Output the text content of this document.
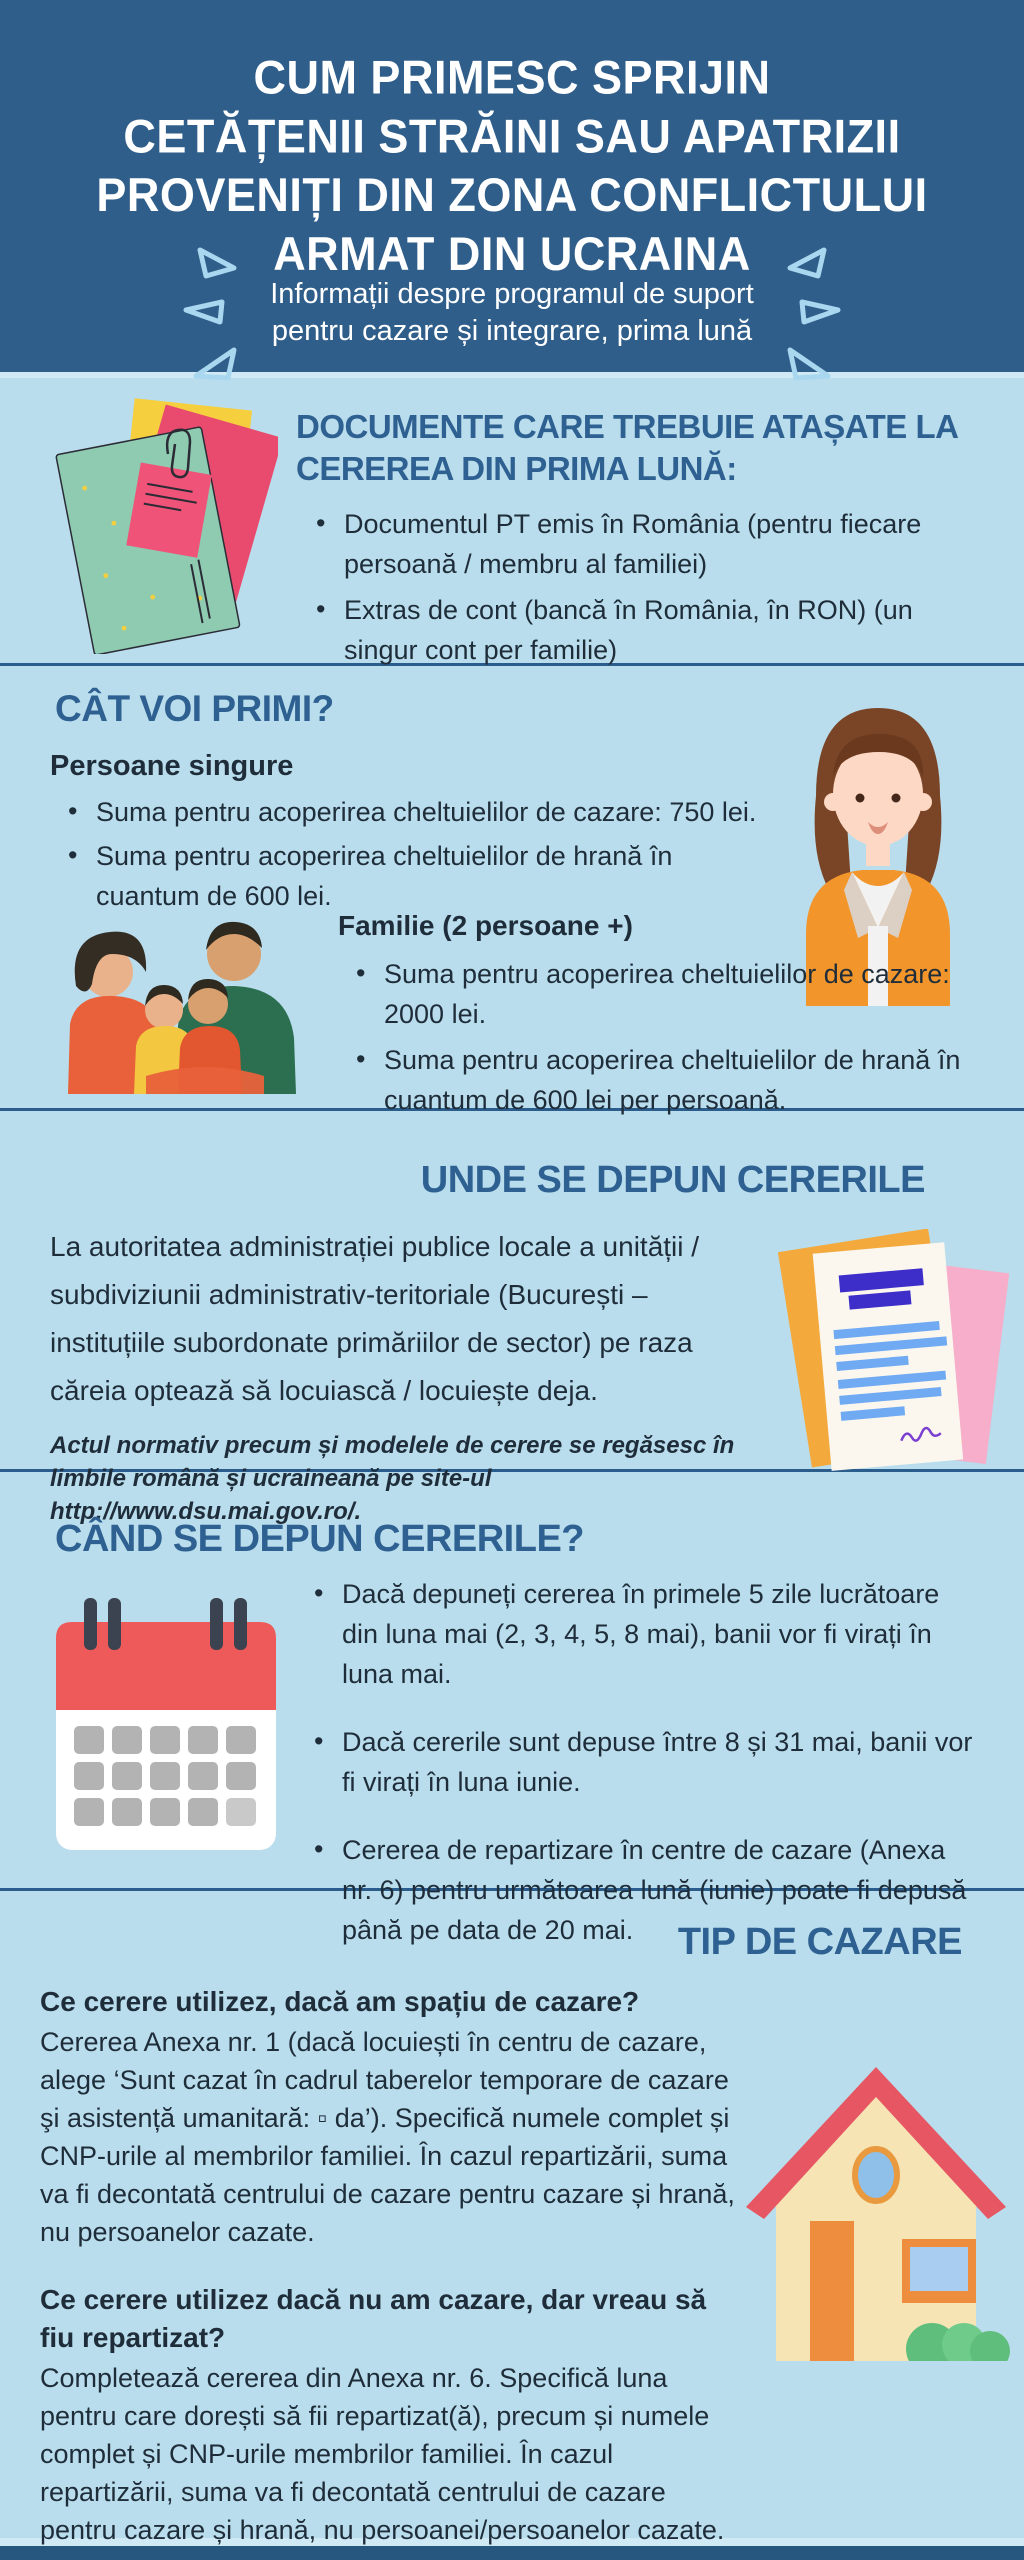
CUM PRIMESC SPRIJIN
CETĂȚENII STRĂINI SAU APATRIZII
PROVENIȚI DIN ZONA CONFLICTULUI
ARMAT DIN UCRAINA
Informații despre programul de suport
pentru cazare și integrare, prima lună
DOCUMENTE CARE TREBUIE ATAȘATE LA CEREREA DIN PRIMA LUNĂ:
• Documentul PT emis în România (pentru fiecare persoană / membru al familiei)
• Extras de cont (bancă în România, în RON) (un singur cont per familie)
CÂT VOI PRIMI?
Persoane singure
• Suma pentru acoperirea cheltuielilor de cazare: 750 lei.
• Suma pentru acoperirea cheltuielilor de hrană în cuantum de 600 lei.
Familie (2 persoane +)
• Suma pentru acoperirea cheltuielilor de cazare: 2000 lei.
• Suma pentru acoperirea cheltuielilor de hrană în cuantum de 600 lei per persoană.
UNDE SE DEPUN CERERILE

La autoritatea administrației publice locale a unității / subdiviziunii administrativ-teritoriale (București – instituțiile subordonate primăriilor de sector) pe raza căreia optează să locuiască / locuiește deja.

Actul normativ precum și modelele de cerere se regăsesc în limbile română și ucraineană pe site-ul http://www.dsu.mai.gov.ro/.

CÂND SE DEPUN CERERILE?
• Dacă depuneți cererea în primele 5 zile lucrătoare din luna mai (2, 3, 4, 5, 8 mai), banii vor fi virați în luna mai.
• Dacă cererile sunt depuse între 8 și 31 mai, banii vor fi virați în luna iunie.
• Cererea de repartizare în centre de cazare (Anexa nr. 6) pentru următoarea lună (iunie) poate fi depusă până pe data de 20 mai.	TIP DE CAZARE

Ce cerere utilizez, dacă am spațiu de cazare?

Cererea Anexa nr. 1 (dacă locuiești în centru de cazare, alege ‘Sunt cazat în cadrul taberelor temporare de cazare şi asistență umanitară: ▫ da’). Specifică numele complet și CNP-urile al membrilor familiei. În cazul repartizării, suma va fi decontată centrului de cazare pentru cazare și hrană, nu persoanelor cazate.

Ce cerere utilizez dacă nu am cazare, dar vreau să fiu repartizat?

Completează cererea din Anexa nr. 6. Specifică luna pentru care dorești să fii repartizat(ă), precum și numele complet și CNP-urile membrilor familiei. În cazul repartizării, suma va fi decontată centrului de cazare pentru cazare și hrană, nu persoanei/persoanelor cazate.
